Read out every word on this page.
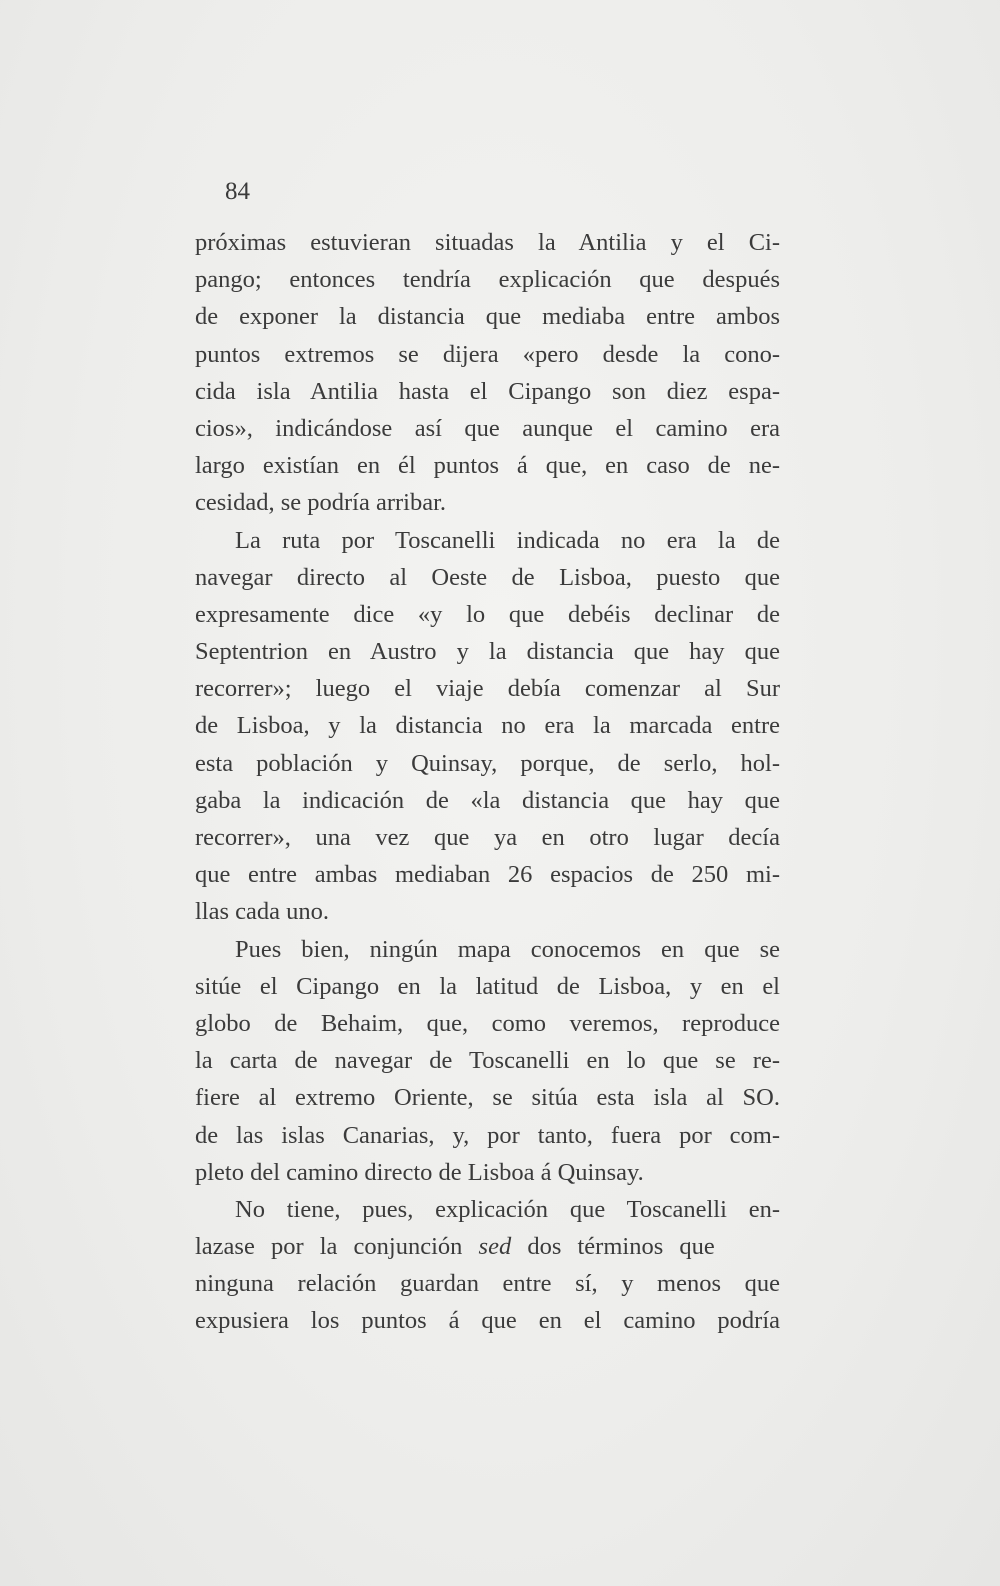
84
próximas estuvieran situadas la Antilia y el Ci-
pango; entonces tendría explicación que después
de exponer la distancia que mediaba entre ambos
puntos extremos se dijera «pero desde la cono-
cida isla Antilia hasta el Cipango son diez espa-
cios», indicándose así que aunque el camino era
largo existían en él puntos á que, en caso de ne-
cesidad, se podría arribar.
La ruta por Toscanelli indicada no era la de
navegar directo al Oeste de Lisboa, puesto que
expresamente dice «y lo que debéis declinar de
Septentrion en Austro y la distancia que hay que
recorrer»; luego el viaje debía comenzar al Sur
de Lisboa, y la distancia no era la marcada entre
esta población y Quinsay, porque, de serlo, hol-
gaba la indicación de «la distancia que hay que
recorrer», una vez que ya en otro lugar decía
que entre ambas mediaban 26 espacios de 250 mi-
llas cada uno.
Pues bien, ningún mapa conocemos en que se
sitúe el Cipango en la latitud de Lisboa, y en el
globo de Behaim, que, como veremos, reproduce
la carta de navegar de Toscanelli en lo que se re-
fiere al extremo Oriente, se sitúa esta isla al SO.
de las islas Canarias, y, por tanto, fuera por com-
pleto del camino directo de Lisboa á Quinsay.
No tiene, pues, explicación que Toscanelli en-
lazase por la conjunción sed dos términos que
ninguna relación guardan entre sí, y menos que
expusiera los puntos á que en el camino podría
